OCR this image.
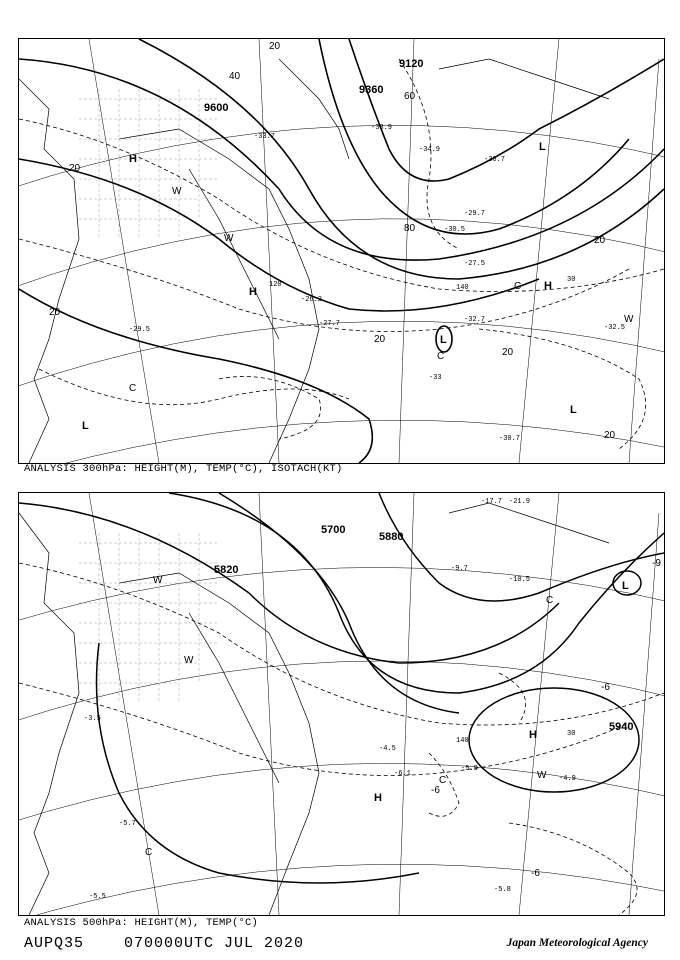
9600
9120
9360
20
40
60
80
20
20
20
20
20
20
-33.7
-38.9
-34.9
-36.7
-29.7
-30.5
-27.5
-26.2
-32.7
-29.5
-27.7	-32.5
-30.7
-33
H
H	H
L
L
L
L
C
C
C
W
W
W
140
30
120
ANALYSIS 300hPa: HEIGHT(M), TEMP(°C), ISOTACH(KT)
5700
5820
5940
5880
-6
-6
-9
-6
-4.9
-4.5
-6.1
-5.9
-10.5
-9.7
-17.7 -21.9
-3.5
-5.7
-5.8
-5.5
H
H
L
C
C
C
W
W
W
140
30
ANALYSIS 500hPa: HEIGHT(M), TEMP(°C)
AUPQ35	070000UTC JUL 2020	Japan Meteorological Agency
